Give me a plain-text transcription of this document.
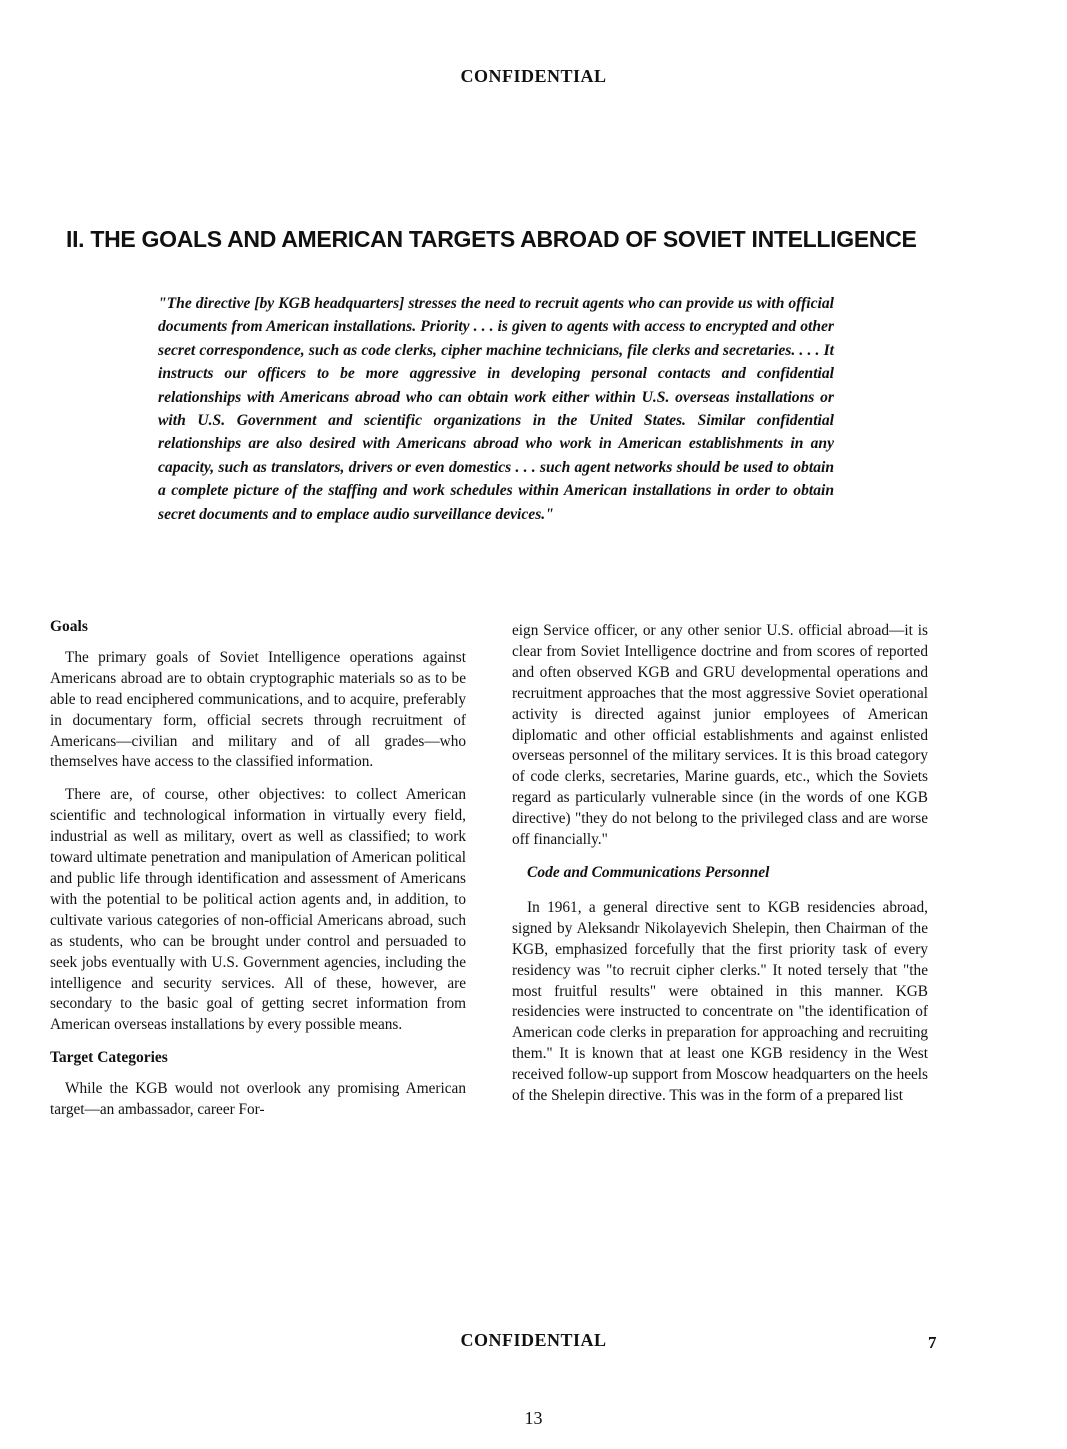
CONFIDENTIAL
II. THE GOALS AND AMERICAN TARGETS ABROAD OF SOVIET INTELLIGENCE
"The directive [by KGB headquarters] stresses the need to recruit agents who can provide us with official documents from American installations. Priority . . . is given to agents with access to encrypted and other secret correspondence, such as code clerks, cipher machine technicians, file clerks and secretaries. . . . It instructs our officers to be more aggressive in developing personal contacts and confidential relationships with Americans abroad who can obtain work either within U.S. overseas installations or with U.S. Government and scientific organizations in the United States. Similar confidential relationships are also desired with Americans abroad who work in American establishments in any capacity, such as translators, drivers or even domestics . . . such agent networks should be used to obtain a complete picture of the staffing and work schedules within American installations in order to obtain secret documents and to emplace audio surveillance devices."
Goals

The primary goals of Soviet Intelligence operations against Americans abroad are to obtain cryptographic materials so as to be able to read enciphered communications, and to acquire, preferably in documentary form, official secrets through recruitment of Americans—civilian and military and of all grades—who themselves have access to the classified information.

There are, of course, other objectives: to collect American scientific and technological information in virtually every field, industrial as well as military, overt as well as classified; to work toward ultimate penetration and manipulation of American political and public life through identification and assessment of Americans with the potential to be political action agents and, in addition, to cultivate various categories of non-official Americans abroad, such as students, who can be brought under control and persuaded to seek jobs eventually with U.S. Government agencies, including the intelligence and security services. All of these, however, are secondary to the basic goal of getting secret information from American overseas installations by every possible means.

Target Categories

While the KGB would not overlook any promising American target—an ambassador, career For-

eign Service officer, or any other senior U.S. official abroad—it is clear from Soviet Intelligence doctrine and from scores of reported and often observed KGB and GRU developmental operations and recruitment approaches that the most aggressive Soviet operational activity is directed against junior employees of American diplomatic and other official establishments and against enlisted overseas personnel of the military services. It is this broad category of code clerks, secretaries, Marine guards, etc., which the Soviets regard as particularly vulnerable since (in the words of one KGB directive) "they do not belong to the privileged class and are worse off financially."

Code and Communications Personnel

In 1961, a general directive sent to KGB residencies abroad, signed by Aleksandr Nikolayevich Shelepin, then Chairman of the KGB, emphasized forcefully that the first priority task of every residency was "to recruit cipher clerks." It noted tersely that "the most fruitful results" were obtained in this manner. KGB residencies were instructed to concentrate on "the identification of American code clerks in preparation for approaching and recruiting them." It is known that at least one KGB residency in the West received follow-up support from Moscow headquarters on the heels of the Shelepin directive. This was in the form of a prepared list

CONFIDENTIAL	7
13
